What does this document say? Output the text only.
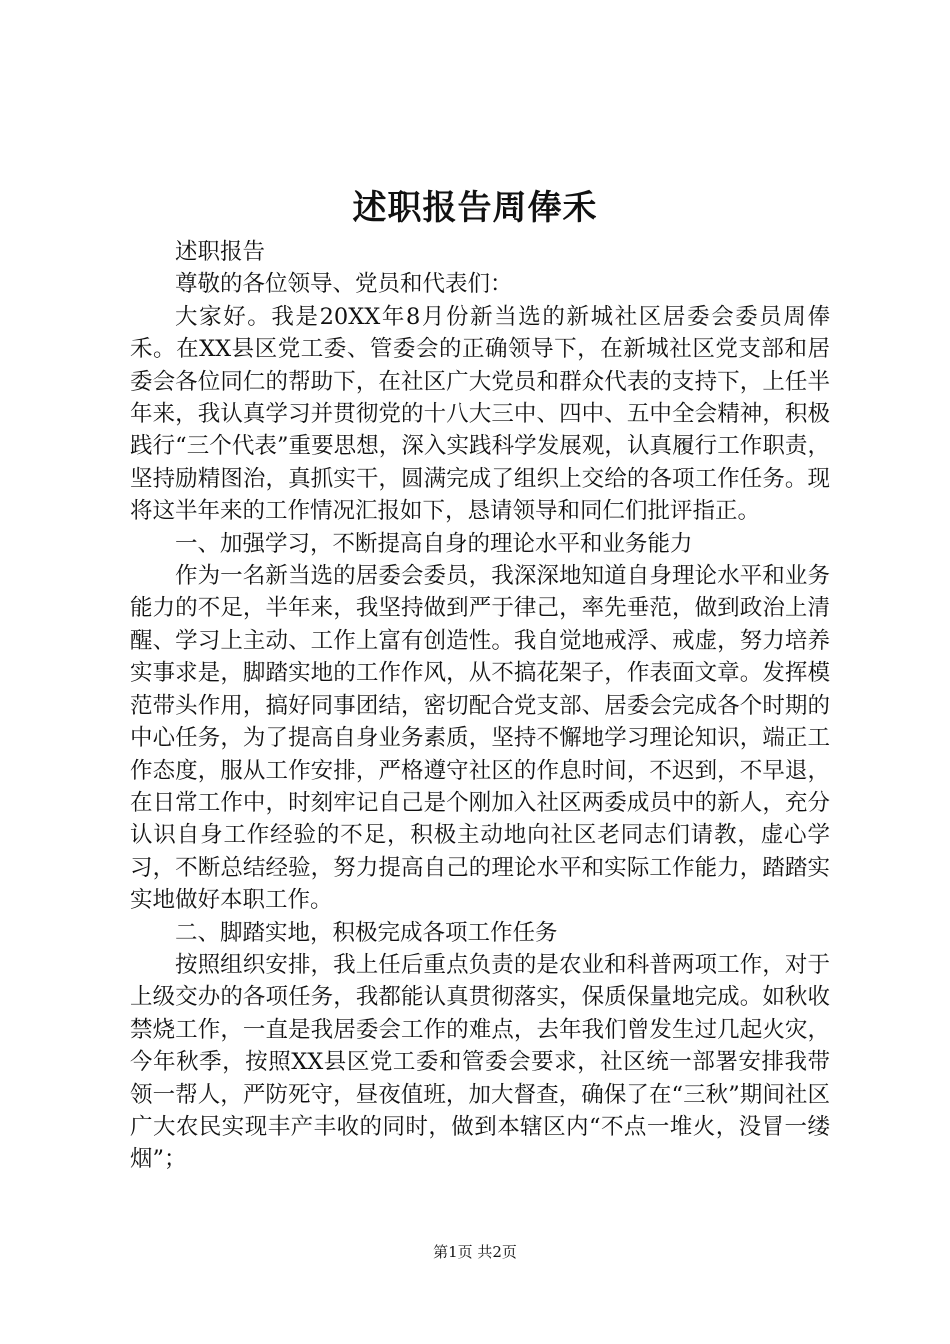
述职报告周俸禾

述职报告

尊敬的各位领导、党员和代表们：

大家好。我是20XX年8月份新当选的新城社区居委会委员周俸禾。在XX县区党工委、管委会的正确领导下，在新城社区党支部和居委会各位同仁的帮助下，在社区广大党员和群众代表的支持下，上任半年来，我认真学习并贯彻党的十八大三中、四中、五中全会精神，积极践行“三个代表”重要思想，深入实践科学发展观，认真履行工作职责，坚持励精图治，真抓实干，圆满完成了组织上交给的各项工作任务。现将这半年来的工作情况汇报如下，恳请领导和同仁们批评指正。

一、加强学习，不断提高自身的理论水平和业务能力

作为一名新当选的居委会委员，我深深地知道自身理论水平和业务能力的不足，半年来，我坚持做到严于律己，率先垂范，做到政治上清醒、学习上主动、工作上富有创造性。我自觉地戒浮、戒虚，努力培养实事求是，脚踏实地的工作作风，从不搞花架子，作表面文章。发挥模范带头作用，搞好同事团结，密切配合党支部、居委会完成各个时期的中心任务，为了提高自身业务素质，坚持不懈地学习理论知识，端正工作态度，服从工作安排，严格遵守社区的作息时间，不迟到，不早退，在日常工作中，时刻牢记自己是个刚加入社区两委成员中的新人，充分认识自身工作经验的不足，积极主动地向社区老同志们请教，虚心学习，不断总结经验，努力提高自己的理论水平和实际工作能力，踏踏实实地做好本职工作。

二、脚踏实地，积极完成各项工作任务

按照组织安排，我上任后重点负责的是农业和科普两项工作，对于上级交办的各项任务，我都能认真贯彻落实，保质保量地完成。如秋收禁烧工作，一直是我居委会工作的难点，去年我们曾发生过几起火灾，今年秋季，按照XX县区党工委和管委会要求，社区统一部署安排我带领一帮人，严防死守，昼夜值班，加大督查，确保了在“三秋”期间社区广大农民实现丰产丰收的同时，做到本辖区内“不点一堆火，没冒一缕烟”；

第1页 共2页
